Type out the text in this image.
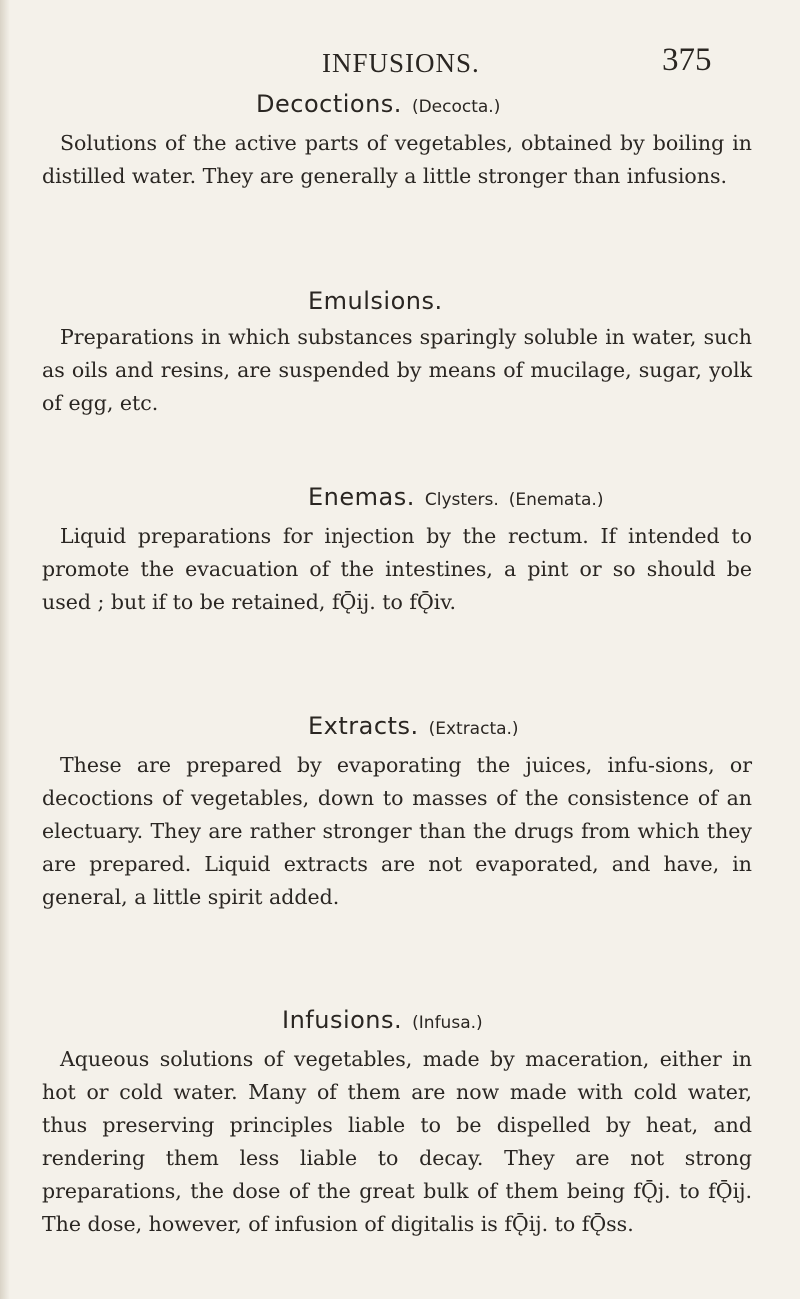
INFUSIONS.	375
Decoctions. (Decocta.)

Solutions of the active parts of vegetables, obtained by boiling in distilled water. They are generally a little stronger than infusions.

Emulsions.

Preparations in which substances sparingly soluble in water, such as oils and resins, are suspended by means of mucilage, sugar, yolk of egg, etc.

Enemas. Clysters. (Enemata.)

Liquid preparations for injection by the rectum. If intended to promote the evacuation of the intestines, a pint or so should be used ; but if to be retained, fǬij. to fǬiv.

Extracts. (Extracta.)

These are prepared by evaporating the juices, infu-sions, or decoctions of vegetables, down to masses of the consistence of an electuary. They are rather stronger than the drugs from which they are prepared. Liquid extracts are not evaporated, and have, in general, a little spirit added.

Infusions. (Infusa.)

Aqueous solutions of vegetables, made by maceration, either in hot or cold water. Many of them are now made with cold water, thus preserving principles liable to be dispelled by heat, and rendering them less liable to decay. They are not strong preparations, the dose of the great bulk of them being fǬj. to fǬij. The dose, however, of infusion of digitalis is fǬij. to fǬss.
